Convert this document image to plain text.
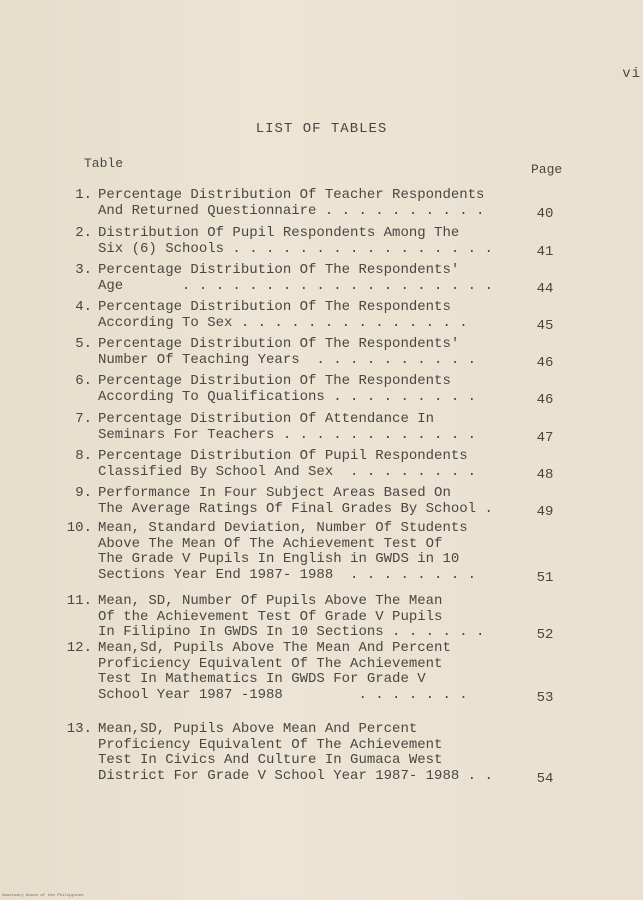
vi
LIST OF TABLES
Table	Page
1. Percentage Distribution Of Teacher Respondents
And Returned Questionnaire . . . . . . . . . .	40
2. Distribution Of Pupil Respondents Among The
Six (6) Schools . . . . . . . . . . . . . . . .	41
3. Percentage Distribution Of The Respondents'
Age       . . . . . . . . . . . . . . . . . . .	44
4. Percentage Distribution Of The Respondents
According To Sex . . . . . . . . . . . . . .	45
5. Percentage Distribution Of The Respondents'
Number Of Teaching Years  . . . . . . . . . .	46
6. Percentage Distribution Of The Respondents
According To Qualifications . . . . . . . . .	46
7. Percentage Distribution Of Attendance In
Seminars For Teachers . . . . . . . . . . . .	47
8. Percentage Distribution Of Pupil Respondents
Classified By School And Sex  . . . . . . . .	48
9. Performance In Four Subject Areas Based On
The Average Ratings Of Final Grades By School .	49
10. Mean, Standard Deviation, Number Of Students
Above The Mean Of The Achievement Test Of
The Grade V Pupils In English in GWDS in 10
Sections Year End 1987- 1988  . . . . . . . .	51
11. Mean, SD, Number Of Pupils Above The Mean
Of the Achievement Test Of Grade V Pupils
In Filipino In GWDS In 10 Sections . . . . . .	52
12. Mean,Sd, Pupils Above The Mean And Percent
Proficiency Equivalent Of The Achievement
Test In Mathematics In GWDS For Grade V
School Year 1987 -1988         . . . . . . .	53
13. Mean,SD, Pupils Above Mean And Percent
Proficiency Equivalent Of The Achievement
Test In Civics And Culture In Gumaca West
District For Grade V School Year 1987- 1988 . .	54
Sanctuary House of the Philippines
